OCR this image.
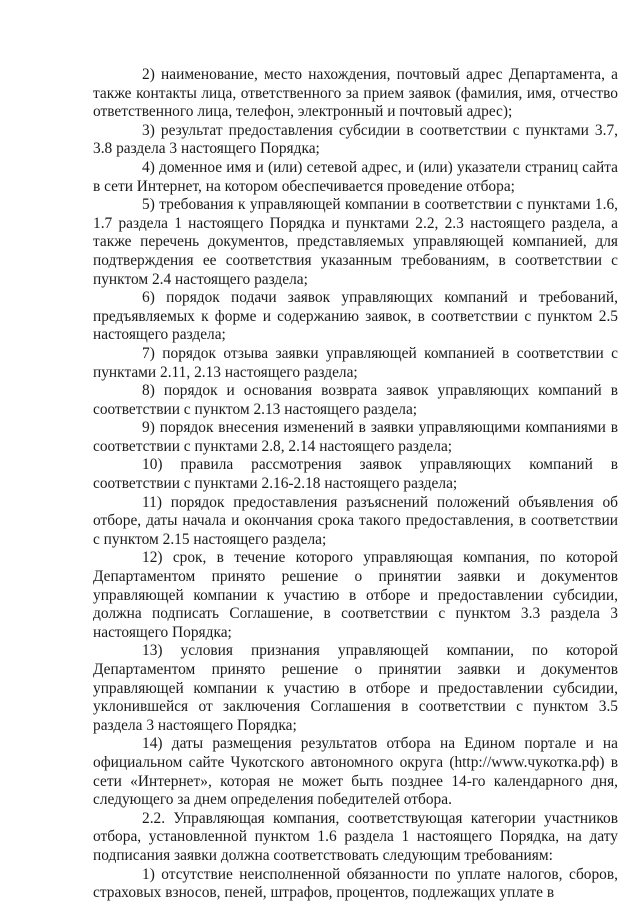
2) наименование, место нахождения, почтовый адрес Департамента, а также контакты лица, ответственного за прием заявок (фамилия, имя, отчество ответственного лица, телефон, электронный и почтовый адрес);

3) результат предоставления субсидии в соответствии с пунктами 3.7, 3.8 раздела 3 настоящего Порядка;

4) доменное имя и (или) сетевой адрес, и (или) указатели страниц сайта в сети Интернет, на котором обеспечивается проведение отбора;

5) требования к управляющей компании в соответствии с пунктами 1.6, 1.7 раздела 1 настоящего Порядка и пунктами 2.2, 2.3 настоящего раздела, а также перечень документов, представляемых управляющей компанией, для подтверждения ее соответствия указанным требованиям, в соответствии с пунктом 2.4 настоящего раздела;

6) порядок подачи заявок управляющих компаний и требований, предъявляемых к форме и содержанию заявок, в соответствии с пунктом 2.5 настоящего раздела;

7) порядок отзыва заявки управляющей компанией в соответствии с пунктами 2.11, 2.13 настоящего раздела;

8) порядок и основания возврата заявок управляющих компаний в соответствии с пунктом 2.13 настоящего раздела;

9) порядок внесения изменений в заявки управляющими компаниями в соответствии с пунктами 2.8, 2.14 настоящего раздела;

10) правила рассмотрения заявок управляющих компаний в соответствии с пунктами 2.16-2.18 настоящего раздела;

11) порядок предоставления разъяснений положений объявления об отборе, даты начала и окончания срока такого предоставления, в соответствии с пунктом 2.15 настоящего раздела;

12) срок, в течение которого управляющая компания, по которой Департаментом принято решение о принятии заявки и документов управляющей компании к участию в отборе и предоставлении субсидии, должна подписать Соглашение, в соответствии с пунктом 3.3 раздела 3 настоящего Порядка;

13) условия признания управляющей компании, по которой Департаментом принято решение о принятии заявки и документов управляющей компании к участию в отборе и предоставлении субсидии, уклонившейся от заключения Соглашения в соответствии с пунктом 3.5 раздела 3 настоящего Порядка;

14) даты размещения результатов отбора на Едином портале и на официальном сайте Чукотского автономного округа (http://www.чукотка.рф) в сети «Интернет», которая не может быть позднее 14-го календарного дня, следующего за днем определения победителей отбора.

2.2. Управляющая компания, соответствующая категории участников отбора, установленной пунктом 1.6 раздела 1 настоящего Порядка, на дату подписания заявки должна соответствовать следующим требованиям:

1) отсутствие неисполненной обязанности по уплате налогов, сборов, страховых взносов, пеней, штрафов, процентов, подлежащих уплате в
